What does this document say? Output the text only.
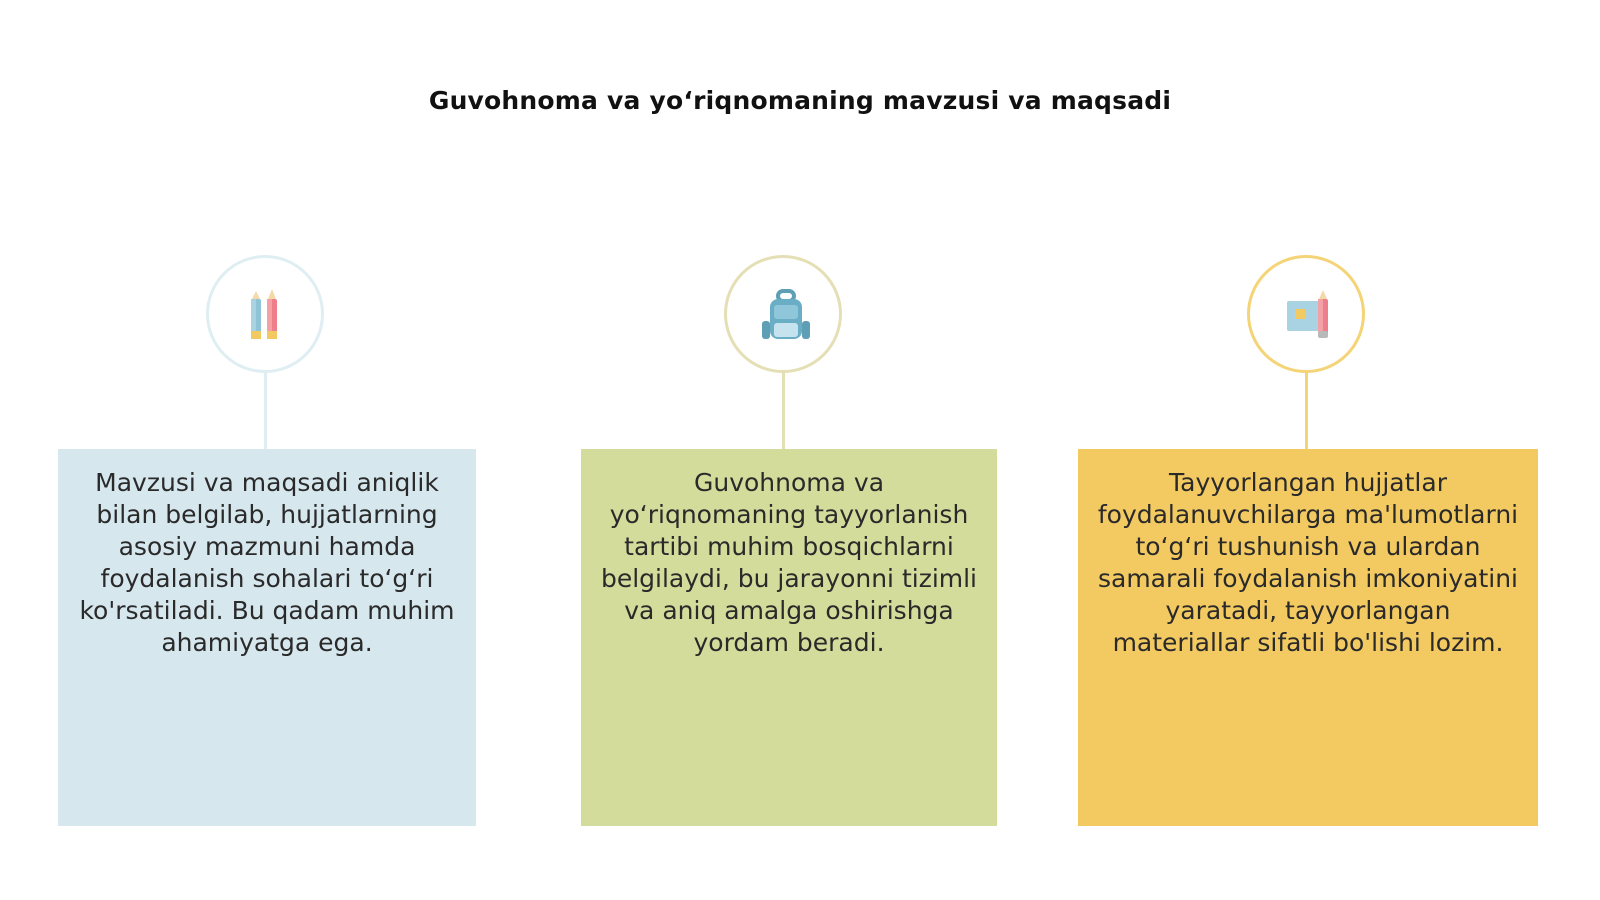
Guvohnoma va yo‘riqnomaning mavzusi va maqsadi
Mavzusi va maqsadi aniqlik bilan belgilab, hujjatlarning asosiy mazmuni hamda foydalanish sohalari to‘g‘ri ko'rsatiladi. Bu qadam muhim ahamiyatga ega.
Guvohnoma va yo‘riqnomaning tayyorlanish tartibi muhim bosqichlarni belgilaydi, bu jarayonni tizimli va aniq amalga oshirishga yordam beradi.
Tayyorlangan hujjatlar foydalanuvchilarga ma'lumotlarni to‘g‘ri tushunish va ulardan samarali foydalanish imkoniyatini yaratadi, tayyorlangan materiallar sifatli bo'lishi lozim.
